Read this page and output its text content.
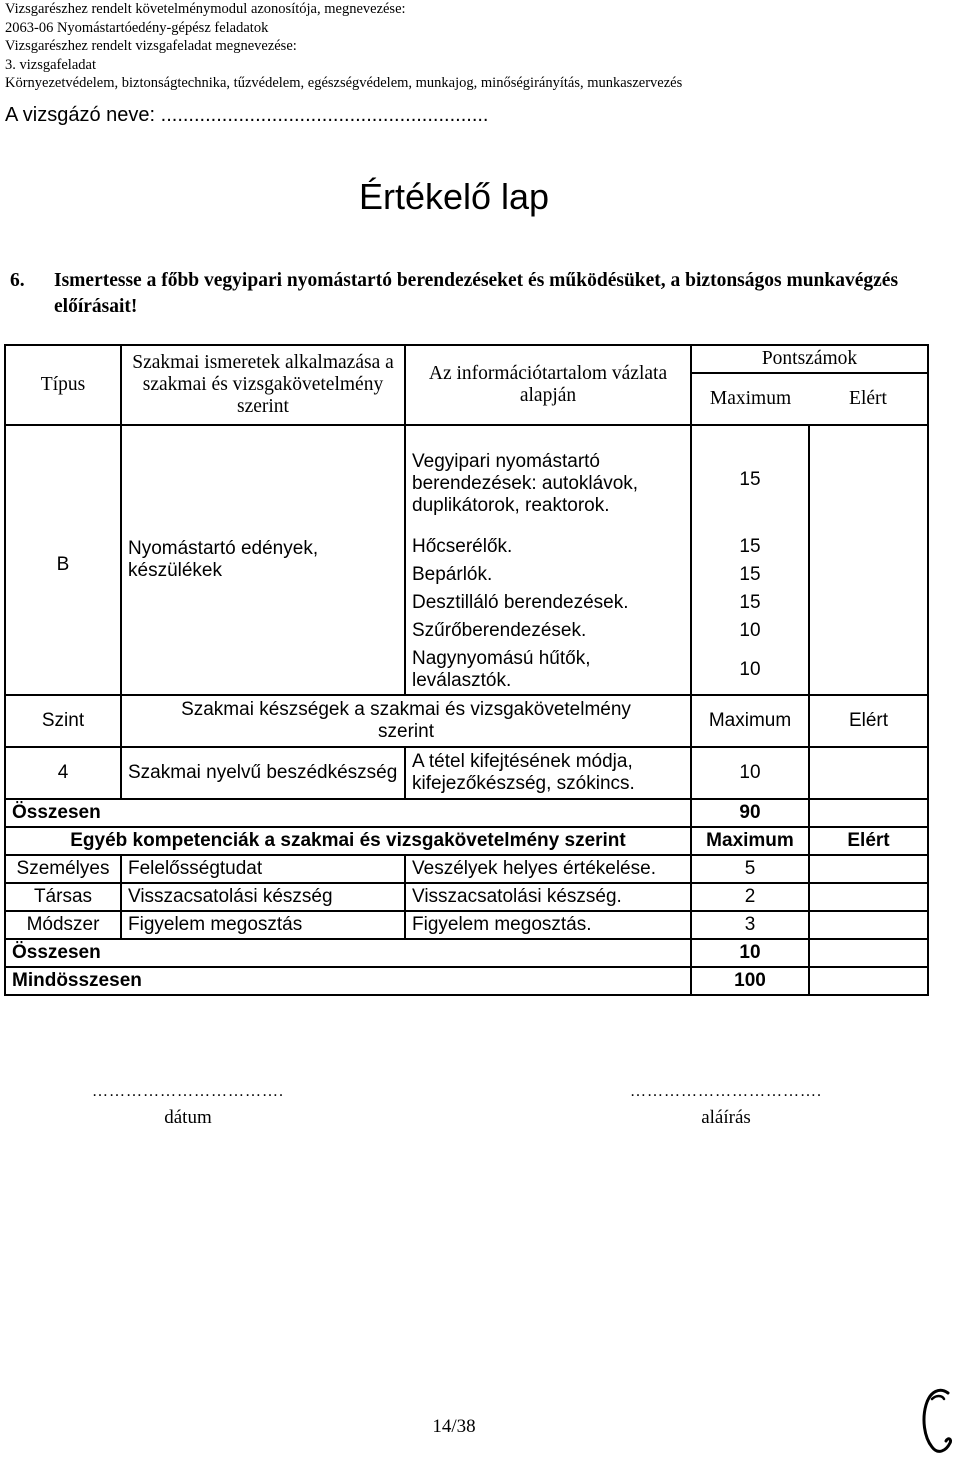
Vizsgarészhez rendelt követelménymodul azonosítója, megnevezése:
2063-06 Nyomástartóedény-gépész feladatok
Vizsgarészhez rendelt vizsgafeladat megnevezése:
3. vizsgafeladat
Környezetvédelem, biztonságtechnika, tűzvédelem, egészségvédelem, munkajog, minőségirányítás, munkaszervezés
A vizsgázó neve: ...........................................................
Értékelő lap
6. Ismertesse a főbb vegyipari nyomástartó berendezéseket és működésüket, a biztonságos munkavégzés előírásait!
Típus	Szakmai ismeretek alkalmazása a szakmai és vizsgakövetelmény szerint	Az információtartalom vázlata alapján	Pontszámok	
			Maximum	Elért
B	Nyomástartó edények, készülékek	Vegyipari nyomástartó berendezések: autoklávok, duplikátorok, reaktorok.	15	
		Hőcserélők.	15	
		Bepárlók.	15	
		Desztilláló berendezések.	15	
		Szűrőberendezések.	10	
		Nagynyomású hűtők, leválasztók.	10	
Szint	Szakmai készségek a szakmai és vizsgakövetelmény szerint		Maximum	Elért
4	Szakmai nyelvű beszédkészség	A tétel kifejtésének módja, kifejezőkészség, szókincs.	10	
Összesen			90	
Egyéb kompetenciák a szakmai és vizsgakövetelmény szerint			Maximum	Elért
Személyes	Felelősségtudat	Veszélyek helyes értékelése.	5	
Társas	Visszacsatolási készség	Visszacsatolási készség.	2	
Módszer	Figyelem megosztás	Figyelem megosztás.	3	
Összesen			10	
Mindösszesen			100	
…………………………….
dátum
…………………………….
aláírás
14/38
